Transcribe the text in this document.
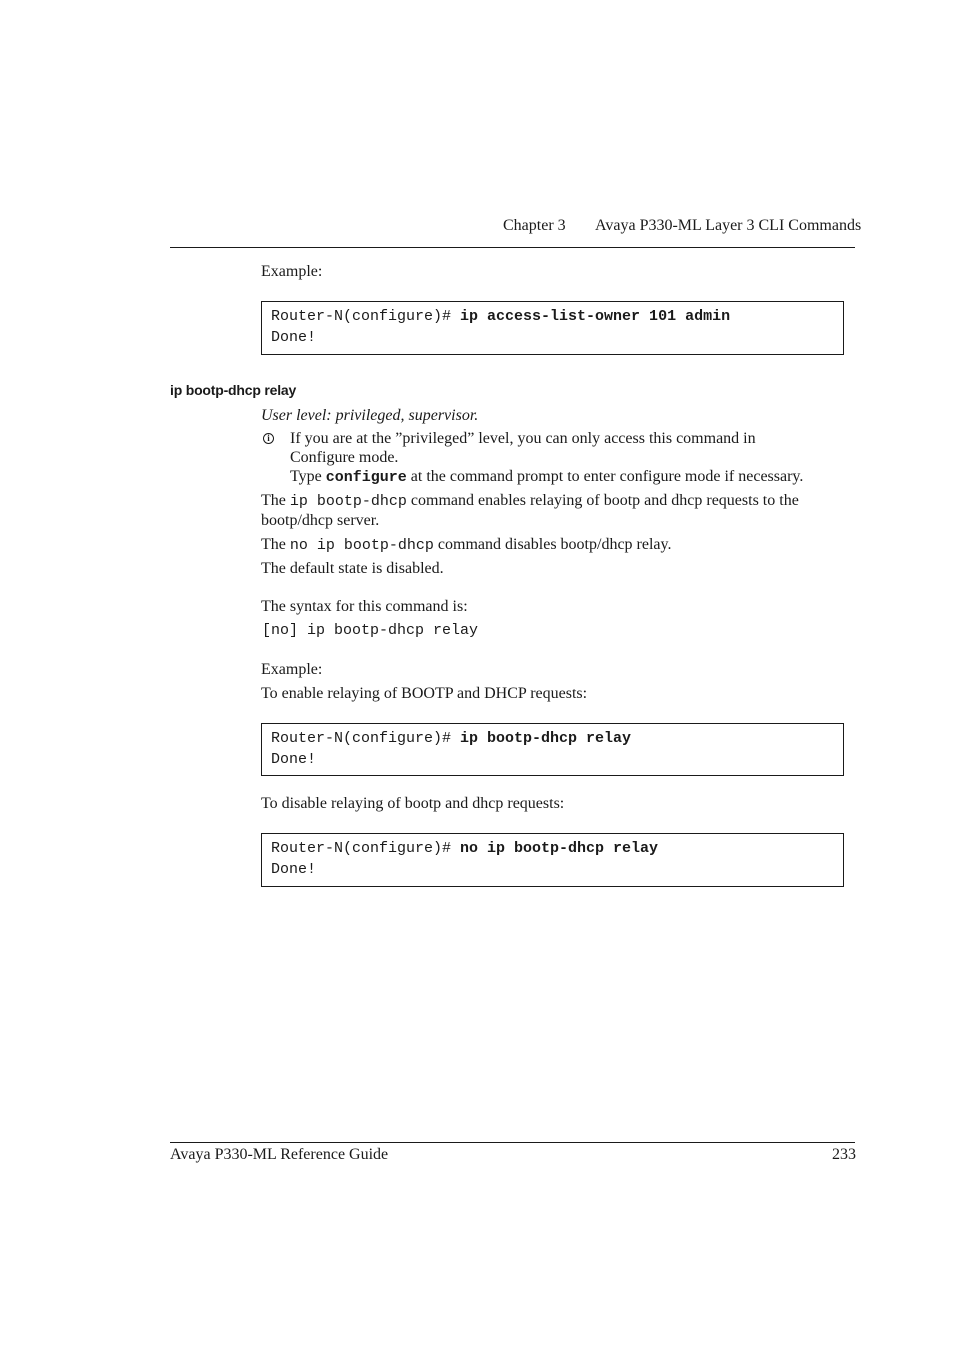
Chapter 3 Avaya P330-ML Layer 3 CLI Commands
Example:
Router-N(configure)# ip access-list-owner 101 admin
Done!
ip bootp-dhcp relay
User level: privileged, supervisor.
i If you are at the ”privileged” level, you can only access this command in
Configure mode.
Type configure at the command prompt to enter configure mode if necessary.
The ip bootp-dhcp command enables relaying of bootp and dhcp requests to the
bootp/dhcp server.
The no ip bootp-dhcp command disables bootp/dhcp relay.
The default state is disabled.
The syntax for this command is:
[no] ip bootp-dhcp relay
Example:
To enable relaying of BOOTP and DHCP requests:
Router-N(configure)# ip bootp-dhcp relay
Done!
To disable relaying of bootp and dhcp requests:
Router-N(configure)# no ip bootp-dhcp relay
Done!
Avaya P330-ML Reference Guide	233
